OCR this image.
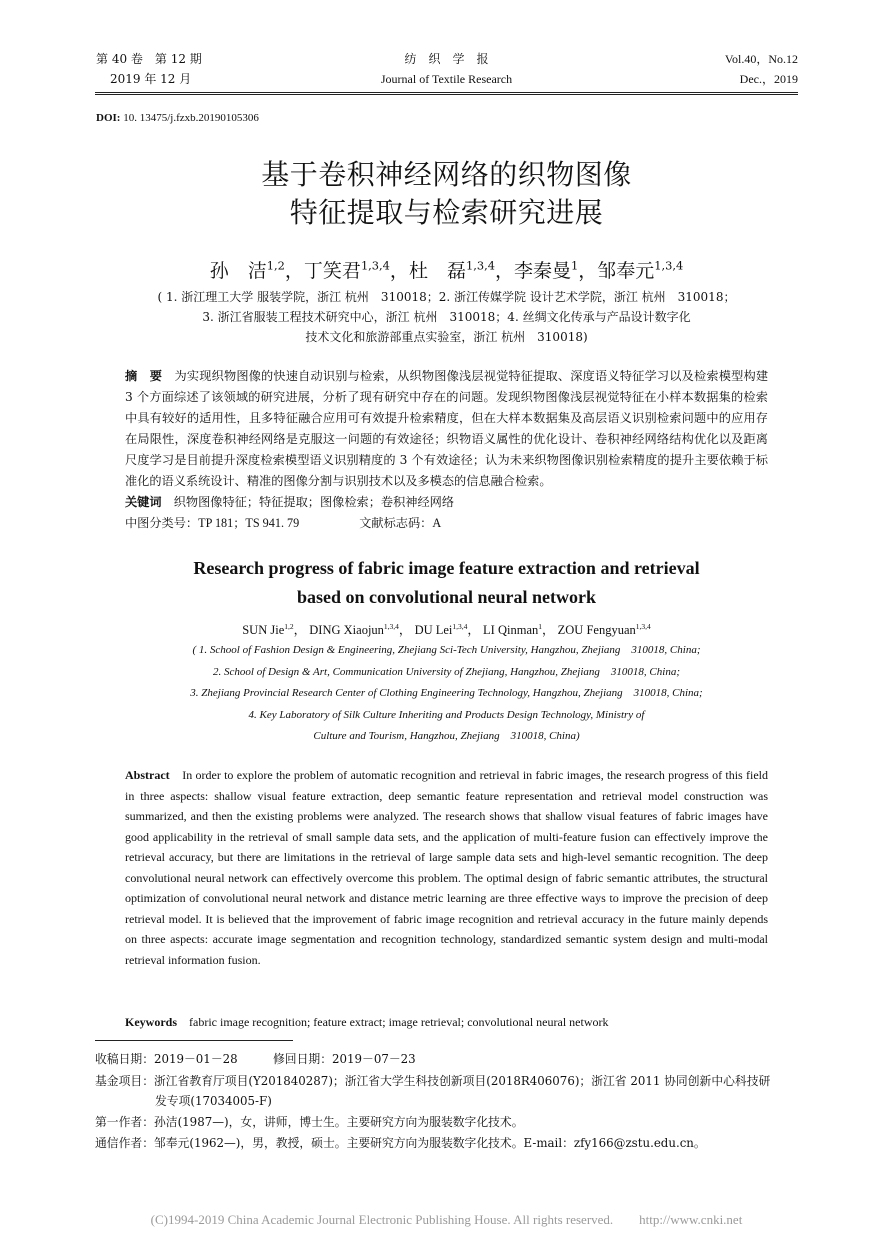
第 40 卷　第 12 期
2019 年 12 月
纺　织　学　报
Journal of Textile Research
Vol.40，No.12
Dec.，2019
DOI: 10. 13475/j.fzxb.20190105306
基于卷积神经网络的织物图像
特征提取与检索研究进展
孙　洁$^{1,2}$，丁笑君$^{1,3,4}$，杜　磊$^{1,3,4}$，李秦曼$^1$，邹奉元$^{1,3,4}$
( 1. 浙江理工大学 服装学院，浙江 杭州　310018；2. 浙江传媒学院 设计艺术学院，浙江 杭州　310018；
3. 浙江省服装工程技术研究中心，浙江 杭州　310018；4. 丝绸文化传承与产品设计数字化
技术文化和旅游部重点实验室，浙江 杭州　310018)
摘　要　为实现织物图像的快速自动识别与检索，从织物图像浅层视觉特征提取、深度语义特征学习以及检索模型构建 3 个方面综述了该领域的研究进展，分析了现有研究中存在的问题。发现织物图像浅层视觉特征在小样本数据集的检索中具有较好的适用性，且多特征融合应用可有效提升检索精度，但在大样本数据集及高层语义识别检索问题中的应用存在局限性，深度卷积神经网络是克服这一问题的有效途径；织物语义属性的优化设计、卷积神经网络结构优化以及距离尺度学习是目前提升深度检索模型语义识别精度的 3 个有效途径；认为未来织物图像识别检索精度的提升主要依赖于标准化的语义系统设计、精准的图像分割与识别技术以及多模态的信息融合检索。
关键词　织物图像特征；特征提取；图像检索；卷积神经网络
中图分类号：TP 181；TS 941. 79	文献标志码：A
Research progress of fabric image feature extraction and retrieval
based on convolutional neural network
SUN Jie$^{1,2}$， DING Xiaojun$^{1,3,4}$， DU Lei$^{1,3,4}$， LI Qinman$^1$， ZOU Fengyuan$^{1,3,4}$
( 1. School of Fashion Design & Engineering, Zhejiang Sci-Tech University, Hangzhou, Zhejiang　310018, China;
2. School of Design & Art, Communication University of Zhejiang, Hangzhou, Zhejiang　310018, China;
3. Zhejiang Provincial Research Center of Clothing Engineering Technology, Hangzhou, Zhejiang　310018, China;
4. Key Laboratory of Silk Culture Inheriting and Products Design Technology, Ministry of
Culture and Tourism, Hangzhou, Zhejiang　310018, China)
Abstract　In order to explore the problem of automatic recognition and retrieval in fabric images, the research progress of this field in three aspects: shallow visual feature extraction, deep semantic feature representation and retrieval model construction was summarized, and then the existing problems were analyzed. The research shows that shallow visual features of fabric images have good applicability in the retrieval of small sample data sets, and the application of multi-feature fusion can effectively improve the retrieval accuracy, but there are limitations in the retrieval of large sample data sets and high-level semantic recognition. The deep convolutional neural network can effectively overcome this problem. The optimal design of fabric semantic attributes, the structural optimization of convolutional neural network and distance metric learning are three effective ways to improve the precision of deep retrieval model. It is believed that the improvement of fabric image recognition and retrieval accuracy in the future mainly depends on three aspects: accurate image segmentation and recognition technology, standardized semantic system design and multi-modal retrieval information fusion.
Keywords　fabric image recognition; feature extract; image retrieval; convolutional neural network
收稿日期：2019－01－28　　　修回日期：2019－07－23
基金项目：浙江省教育厅项目(Y201840287)；浙江省大学生科技创新项目(2018R406076)；浙江省 2011 协同创新中心科技研
发专项(17034005-F)
第一作者：孙洁(1987—)，女，讲师，博士生。主要研究方向为服装数字化技术。
通信作者：邹奉元(1962—)，男，教授，硕士。主要研究方向为服装数字化技术。E-mail：zfy166@zstu.edu.cn。
(C)1994-2019 China Academic Journal Electronic Publishing House. All rights reserved.　　http://www.cnki.net
